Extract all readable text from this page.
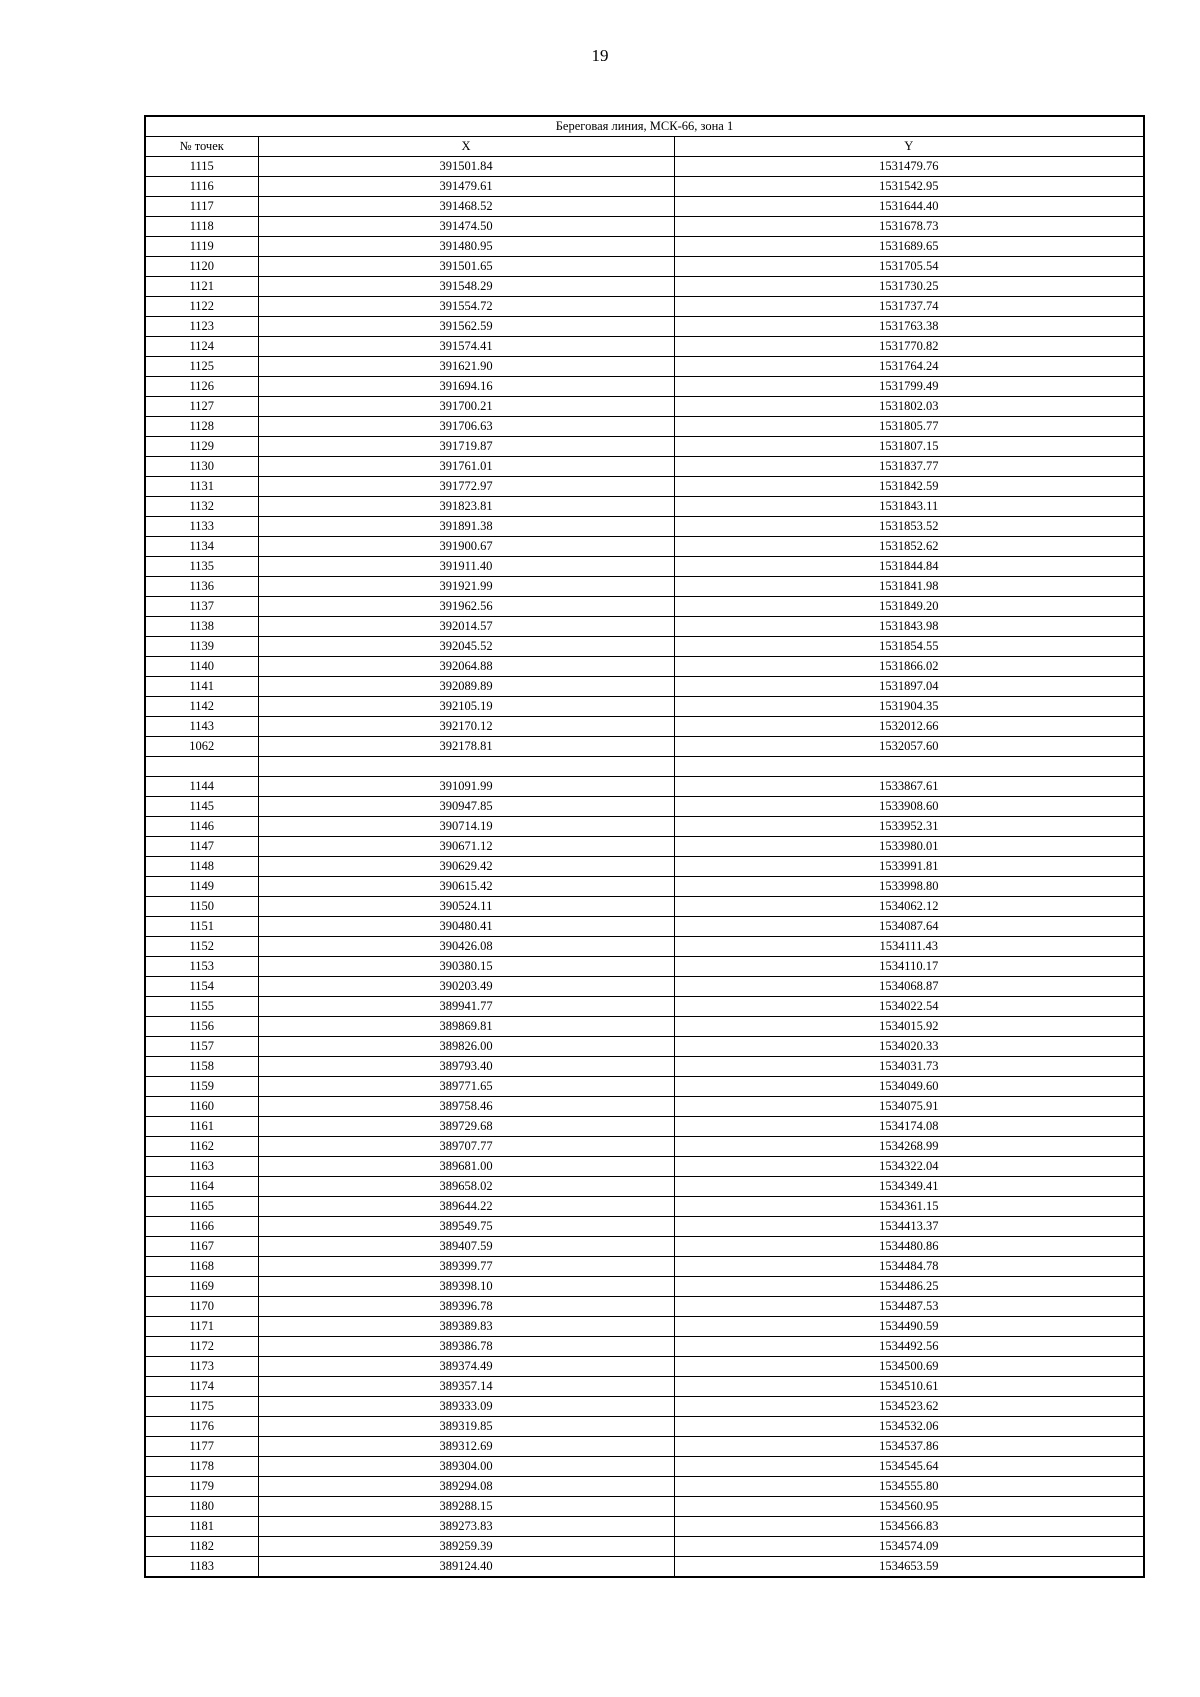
19
Береговая линия, МСК-66, зона 1		
№ точек	X	Y
1115	391501.84	1531479.76
1116	391479.61	1531542.95
1117	391468.52	1531644.40
1118	391474.50	1531678.73
1119	391480.95	1531689.65
1120	391501.65	1531705.54
1121	391548.29	1531730.25
1122	391554.72	1531737.74
1123	391562.59	1531763.38
1124	391574.41	1531770.82
1125	391621.90	1531764.24
1126	391694.16	1531799.49
1127	391700.21	1531802.03
1128	391706.63	1531805.77
1129	391719.87	1531807.15
1130	391761.01	1531837.77
1131	391772.97	1531842.59
1132	391823.81	1531843.11
1133	391891.38	1531853.52
1134	391900.67	1531852.62
1135	391911.40	1531844.84
1136	391921.99	1531841.98
1137	391962.56	1531849.20
1138	392014.57	1531843.98
1139	392045.52	1531854.55
1140	392064.88	1531866.02
1141	392089.89	1531897.04
1142	392105.19	1531904.35
1143	392170.12	1532012.66
1062	392178.81	1532057.60

1144	391091.99	1533867.61
1145	390947.85	1533908.60
1146	390714.19	1533952.31
1147	390671.12	1533980.01
1148	390629.42	1533991.81
1149	390615.42	1533998.80
1150	390524.11	1534062.12
1151	390480.41	1534087.64
1152	390426.08	1534111.43
1153	390380.15	1534110.17
1154	390203.49	1534068.87
1155	389941.77	1534022.54
1156	389869.81	1534015.92
1157	389826.00	1534020.33
1158	389793.40	1534031.73
1159	389771.65	1534049.60
1160	389758.46	1534075.91
1161	389729.68	1534174.08
1162	389707.77	1534268.99
1163	389681.00	1534322.04
1164	389658.02	1534349.41
1165	389644.22	1534361.15
1166	389549.75	1534413.37
1167	389407.59	1534480.86
1168	389399.77	1534484.78
1169	389398.10	1534486.25
1170	389396.78	1534487.53
1171	389389.83	1534490.59
1172	389386.78	1534492.56
1173	389374.49	1534500.69
1174	389357.14	1534510.61
1175	389333.09	1534523.62
1176	389319.85	1534532.06
1177	389312.69	1534537.86
1178	389304.00	1534545.64
1179	389294.08	1534555.80
1180	389288.15	1534560.95
1181	389273.83	1534566.83
1182	389259.39	1534574.09
1183	389124.40	1534653.59
